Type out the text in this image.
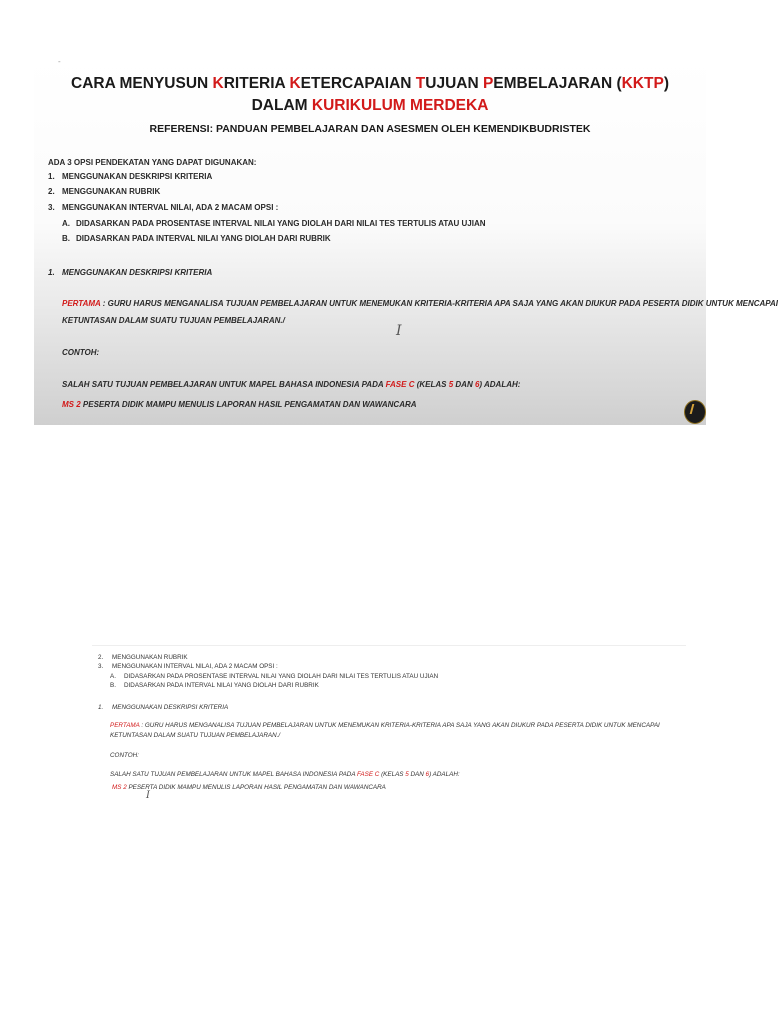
-
CARA MENYUSUN KRITERIA KETERCAPAIAN TUJUAN PEMBELAJARAN (KKTP)
DALAM KURIKULUM MERDEKA
REFERENSI: PANDUAN PEMBELAJARAN DAN ASESMEN OLEH KEMENDIKBUDRISTEK
ADA 3 OPSI PENDEKATAN YANG DAPAT DIGUNAKAN:
1. MENGGUNAKAN DESKRIPSI KRITERIA
2. MENGGUNAKAN RUBRIK
3. MENGGUNAKAN INTERVAL NILAI, ADA 2 MACAM OPSI :
A. DIDASARKAN PADA PROSENTASE INTERVAL NILAI YANG DIOLAH DARI NILAI TES TERTULIS ATAU UJIAN
B. DIDASARKAN PADA INTERVAL NILAI YANG DIOLAH DARI RUBRIK
1. MENGGUNAKAN DESKRIPSI KRITERIA
PERTAMA : GURU HARUS MENGANALISA TUJUAN PEMBELAJARAN UNTUK MENEMUKAN KRITERIA-KRITERIA APA SAJA YANG AKAN DIUKUR PADA PESERTA DIDIK UNTUK MENCAPAI
KETUNTASAN DALAM SUATU TUJUAN PEMBELAJARAN./
I
CONTOH:
SALAH SATU TUJUAN PEMBELAJARAN UNTUK MAPEL BAHASA INDONESIA PADA FASE C (KELAS 5 DAN 6) ADALAH:
MS 2 PESERTA DIDIK MAMPU MENULIS LAPORAN HASIL PENGAMATAN DAN WAWANCARA
2. MENGGUNAKAN RUBRIK
3. MENGGUNAKAN INTERVAL NILAI, ADA 2 MACAM OPSI :
A. DIDASARKAN PADA PROSENTASE INTERVAL NILAI YANG DIOLAH DARI NILAI TES TERTULIS ATAU UJIAN
B. DIDASARKAN PADA INTERVAL NILAI YANG DIOLAH DARI RUBRIK
1. MENGGUNAKAN DESKRIPSI KRITERIA
PERTAMA : GURU HARUS MENGANALISA TUJUAN PEMBELAJARAN UNTUK MENEMUKAN KRITERIA-KRITERIA APA SAJA YANG AKAN DIUKUR PADA PESERTA DIDIK UNTUK MENCAPAI
KETUNTASAN DALAM SUATU TUJUAN PEMBELAJARAN./
CONTOH:
SALAH SATU TUJUAN PEMBELAJARAN UNTUK MAPEL BAHASA INDONESIA PADA FASE C (KELAS 5 DAN 6) ADALAH:
MS 2 PESERTA DIDIK MAMPU MENULIS LAPORAN HASIL PENGAMATAN DAN WAWANCARA
I
